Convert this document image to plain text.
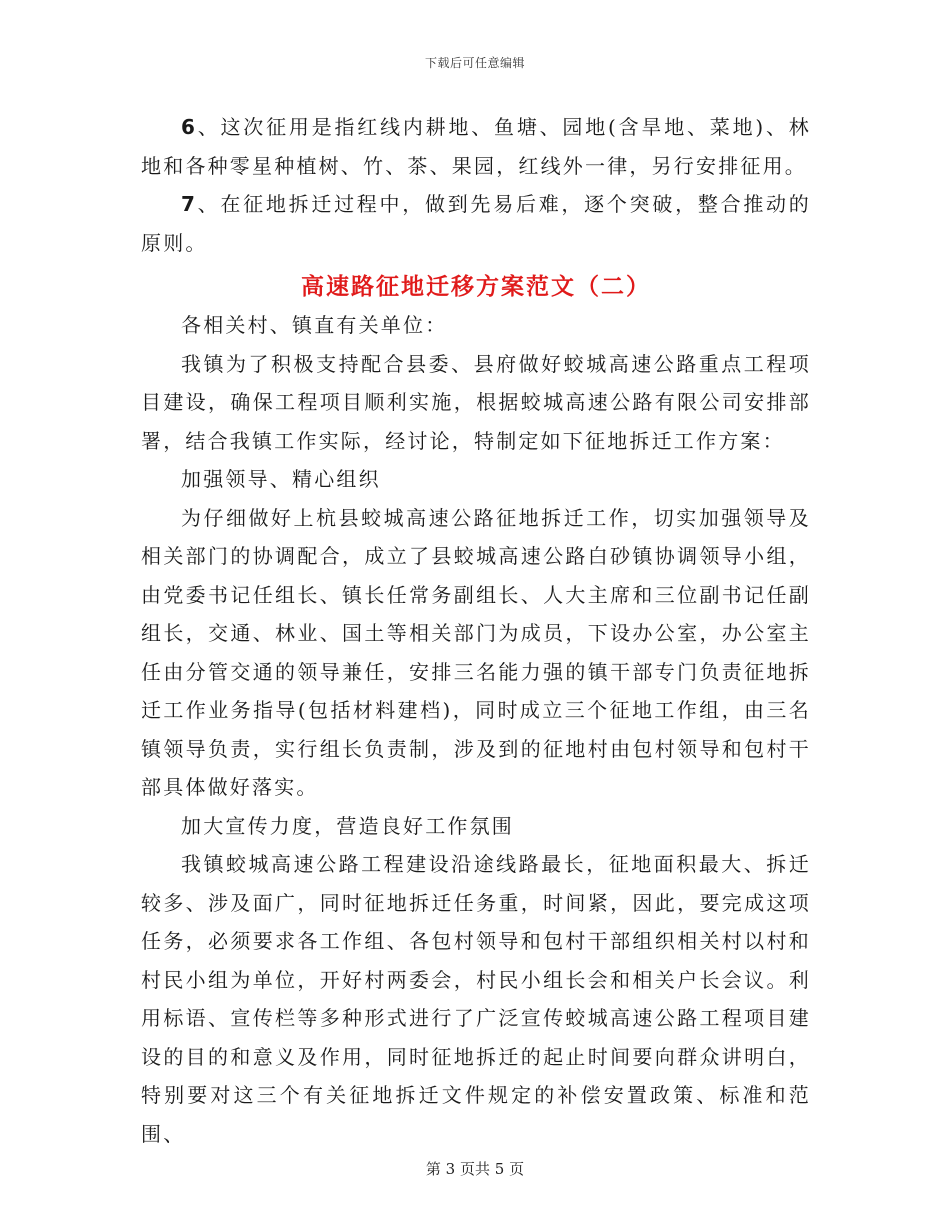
下载后可任意编辑

6、这次征用是指红线内耕地、鱼塘、园地(含旱地、菜地)、林地和各种零星种植树、竹、茶、果园，红线外一律，另行安排征用。

7、在征地拆迁过程中，做到先易后难，逐个突破，整合推动的原则。

高速路征地迁移方案范文（二）

各相关村、镇直有关单位：

我镇为了积极支持配合县委、县府做好蛟城高速公路重点工程项目建设，确保工程项目顺利实施，根据蛟城高速公路有限公司安排部署，结合我镇工作实际，经讨论，特制定如下征地拆迁工作方案：

加强领导、精心组织

为仔细做好上杭县蛟城高速公路征地拆迁工作，切实加强领导及相关部门的协调配合，成立了县蛟城高速公路白砂镇协调领导小组，由党委书记任组长、镇长任常务副组长、人大主席和三位副书记任副组长，交通、林业、国土等相关部门为成员，下设办公室，办公室主任由分管交通的领导兼任，安排三名能力强的镇干部专门负责征地拆迁工作业务指导(包括材料建档)，同时成立三个征地工作组，由三名镇领导负责，实行组长负责制，涉及到的征地村由包村领导和包村干部具体做好落实。

加大宣传力度，营造良好工作氛围

我镇蛟城高速公路工程建设沿途线路最长，征地面积最大、拆迁较多、涉及面广，同时征地拆迁任务重，时间紧，因此，要完成这项任务，必须要求各工作组、各包村领导和包村干部组织相关村以村和村民小组为单位，开好村两委会，村民小组长会和相关户长会议。利用标语、宣传栏等多种形式进行了广泛宣传蛟城高速公路工程项目建设的目的和意义及作用，同时征地拆迁的起止时间要向群众讲明白，特别要对这三个有关征地拆迁文件规定的补偿安置政策、标准和范围、

第 3 页共 5 页
